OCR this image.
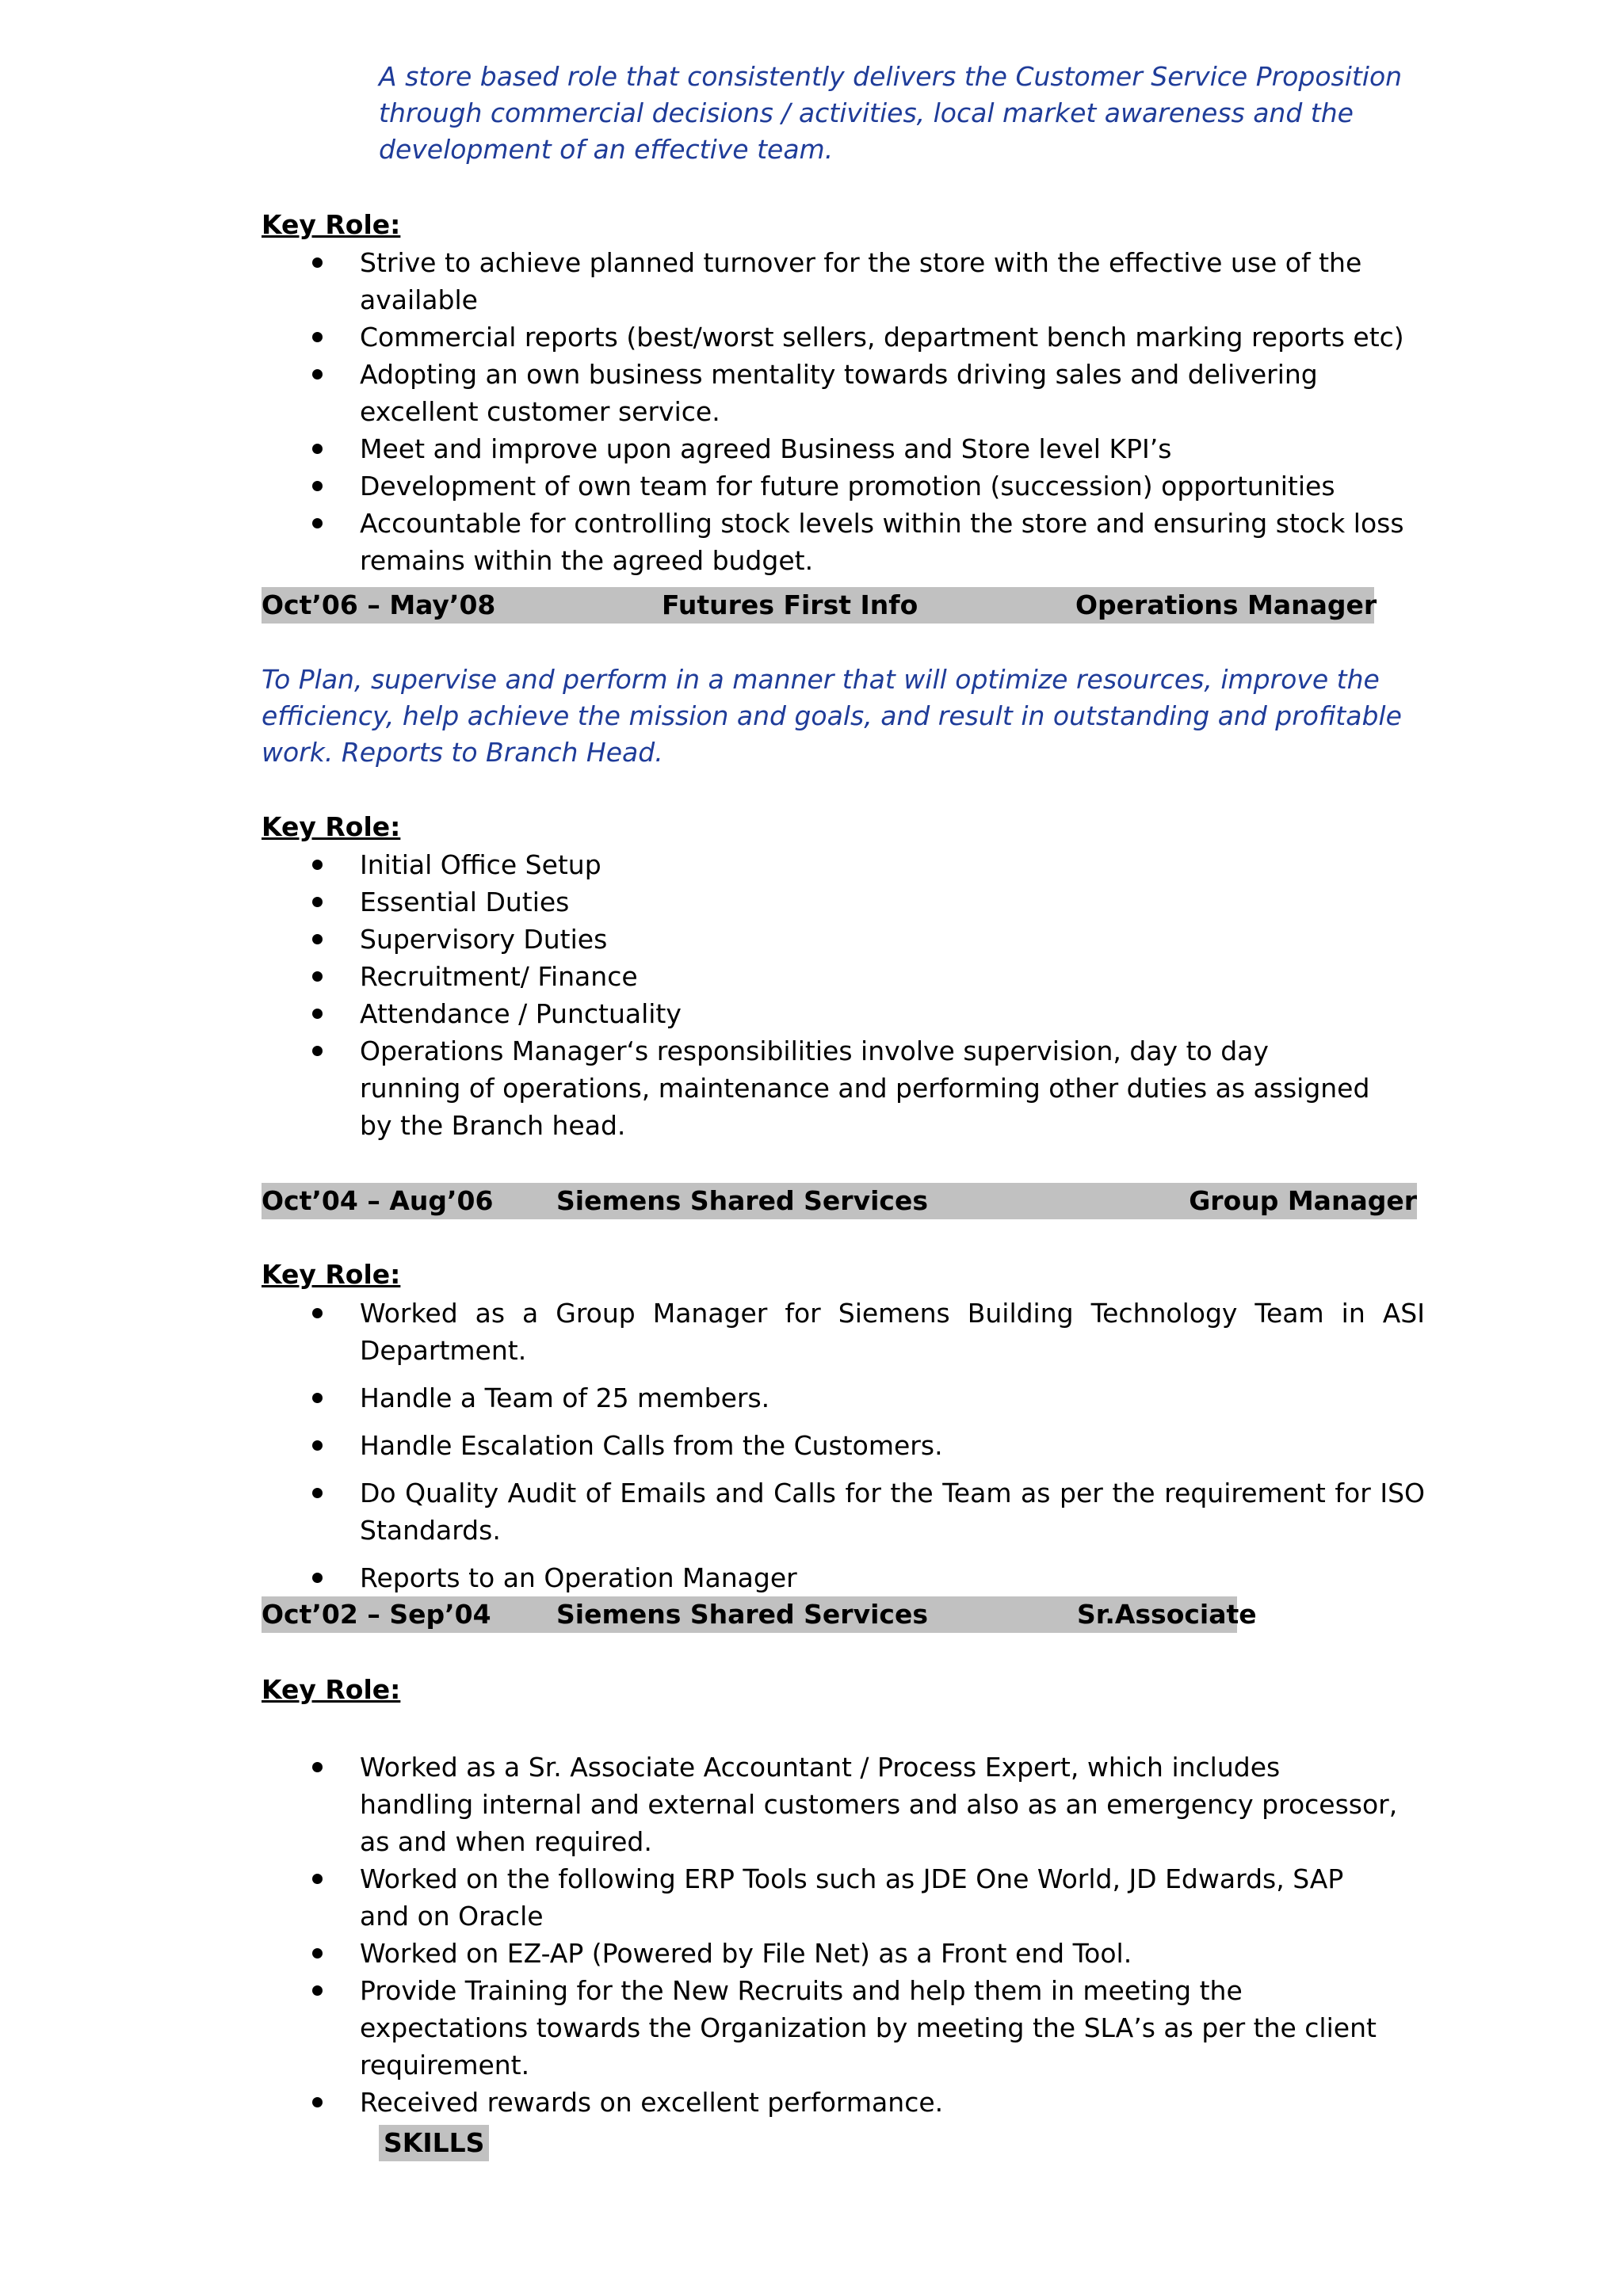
A store based role that consistently delivers the Customer Service Proposition through commercial decisions / activities, local market awareness and the development of an effective team.

Key Role:

Strive to achieve planned turnover for the store with the effective use of the available
Commercial reports (best/worst sellers, department bench marking reports etc)
Adopting an own business mentality towards driving sales and delivering excellent customer service.
Meet and improve upon agreed Business and Store level KPI’s
Development of own team for future promotion (succession) opportunities
Accountable for controlling stock levels within the store and ensuring stock loss remains within the agreed budget.
Oct’06 – May’08	Futures First Info	Operations Manager

To Plan, supervise and perform in a manner that will optimize resources, improve the efficiency, help achieve the mission and goals, and result in outstanding and profitable work. Reports to Branch Head.

Key Role:

Initial Office Setup
Essential Duties
Supervisory Duties
Recruitment/ Finance
Attendance / Punctuality
Operations Manager‘s responsibilities involve supervision, day to day running of operations, maintenance and performing other duties as assigned by the Branch head.
Oct’04 – Aug’06 Siemens Shared Services	Group Manager

Key Role:

Worked as a Group Manager for Siemens Building Technology Team in ASI Department.
Handle a Team of 25 members.
Handle Escalation Calls from the Customers.
Do Quality Audit of Emails and Calls for the Team as per the requirement for ISO Standards.
Reports to an Operation Manager
Oct’02 – Sep’04 Siemens Shared Services	Sr.Associate

Key Role:

Worked as a Sr. Associate Accountant / Process Expert, which includes handling internal and external customers and also as an emergency processor, as and when required.
Worked on the following ERP Tools such as JDE One World, JD Edwards, SAP and on Oracle
Worked on EZ-AP (Powered by File Net) as a Front end Tool.
Provide Training for the New Recruits and help them in meeting the expectations towards the Organization by meeting the SLA’s as per the client requirement.
Received rewards on excellent performance.
SKILLS
